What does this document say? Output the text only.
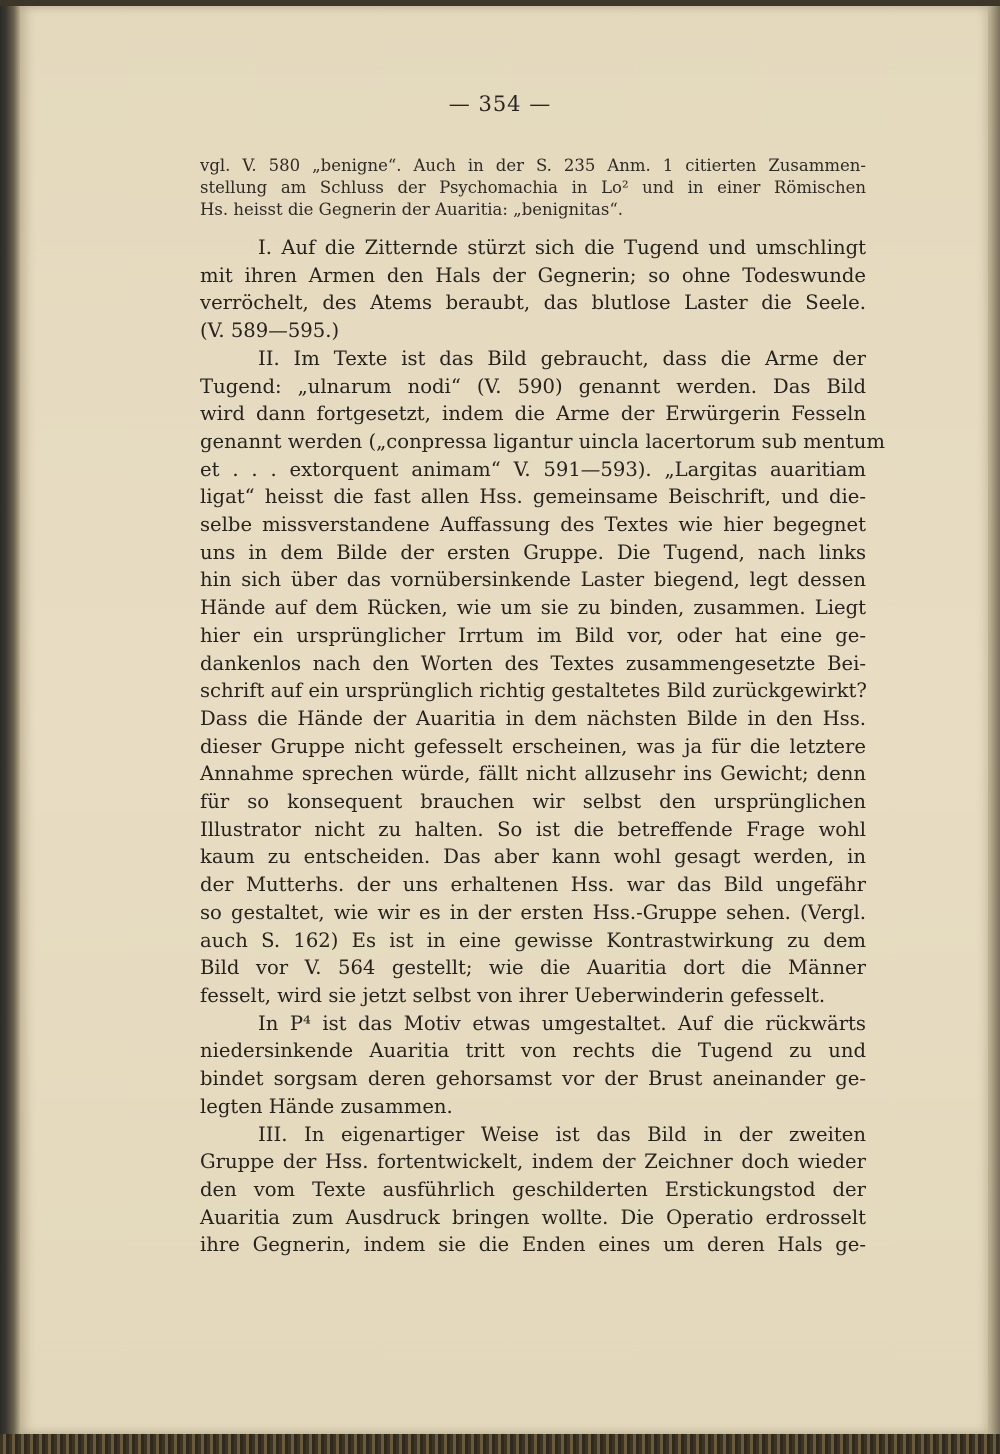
— 354 —
vgl. V. 580 „benigne“. Auch in der S. 235 Anm. 1 citierten Zusammen-
stellung am Schluss der Psychomachia in Lo² und in einer Römischen
Hs. heisst die Gegnerin der Auaritia: „benignitas“.
I. Auf die Zitternde stürzt sich die Tugend und umschlingt
mit ihren Armen den Hals der Gegnerin; so ohne Todeswunde
verröchelt, des Atems beraubt, das blutlose Laster die Seele.
(V. 589—595.)
II. Im Texte ist das Bild gebraucht, dass die Arme der
Tugend: „ulnarum nodi“ (V. 590) genannt werden. Das Bild
wird dann fortgesetzt, indem die Arme der Erwürgerin Fesseln
genannt werden („conpressa ligantur uincla lacertorum sub mentum
et . . . extorquent animam“ V. 591—593). „Largitas auaritiam
ligat“ heisst die fast allen Hss. gemeinsame Beischrift, und die-
selbe missverstandene Auffassung des Textes wie hier begegnet
uns in dem Bilde der ersten Gruppe. Die Tugend, nach links
hin sich über das vornübersinkende Laster biegend, legt dessen
Hände auf dem Rücken, wie um sie zu binden, zusammen. Liegt
hier ein ursprünglicher Irrtum im Bild vor, oder hat eine ge-
dankenlos nach den Worten des Textes zusammengesetzte Bei-
schrift auf ein ursprünglich richtig gestaltetes Bild zurückgewirkt?
Dass die Hände der Auaritia in dem nächsten Bilde in den Hss.
dieser Gruppe nicht gefesselt erscheinen, was ja für die letztere
Annahme sprechen würde, fällt nicht allzusehr ins Gewicht; denn
für so konsequent brauchen wir selbst den ursprünglichen
Illustrator nicht zu halten. So ist die betreffende Frage wohl
kaum zu entscheiden. Das aber kann wohl gesagt werden, in
der Mutterhs. der uns erhaltenen Hss. war das Bild ungefähr
so gestaltet, wie wir es in der ersten Hss.-Gruppe sehen. (Vergl.
auch S. 162) Es ist in eine gewisse Kontrastwirkung zu dem
Bild vor V. 564 gestellt; wie die Auaritia dort die Männer
fesselt, wird sie jetzt selbst von ihrer Ueberwinderin gefesselt.
In P⁴ ist das Motiv etwas umgestaltet. Auf die rückwärts
niedersinkende Auaritia tritt von rechts die Tugend zu und
bindet sorgsam deren gehorsamst vor der Brust aneinander ge-
legten Hände zusammen.
III. In eigenartiger Weise ist das Bild in der zweiten
Gruppe der Hss. fortentwickelt, indem der Zeichner doch wieder
den vom Texte ausführlich geschilderten Erstickungstod der
Auaritia zum Ausdruck bringen wollte. Die Operatio erdrosselt
ihre Gegnerin, indem sie die Enden eines um deren Hals ge-
